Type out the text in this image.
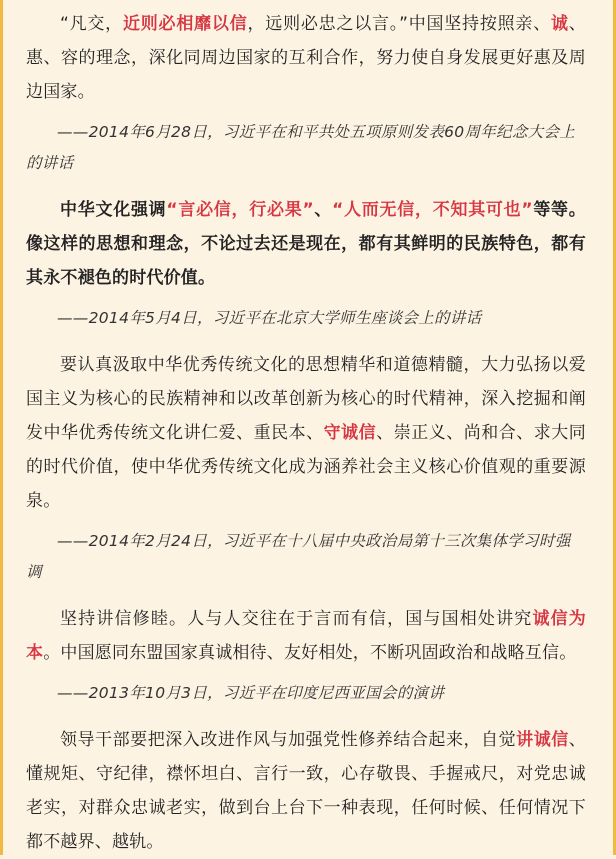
“凡交，近则必相靡以信，远则必忠之以言。”中国坚持按照亲、诚、惠、容的理念，深化同周边国家的互利合作，努力使自身发展更好惠及周边国家。

——2014年6月28日，习近平在和平共处五项原则发表60周年纪念大会上的讲话

中华文化强调“言必信，行必果”、“人而无信，不知其可也”等等。像这样的思想和理念，不论过去还是现在，都有其鲜明的民族特色，都有其永不褪色的时代价值。

——2014年5月4日，习近平在北京大学师生座谈会上的讲话

要认真汲取中华优秀传统文化的思想精华和道德精髓，大力弘扬以爱国主义为核心的民族精神和以改革创新为核心的时代精神，深入挖掘和阐发中华优秀传统文化讲仁爱、重民本、守诚信、崇正义、尚和合、求大同的时代价值，使中华优秀传统文化成为涵养社会主义核心价值观的重要源泉。

——2014年2月24日，习近平在十八届中央政治局第十三次集体学习时强调

坚持讲信修睦。人与人交往在于言而有信，国与国相处讲究诚信为本。中国愿同东盟国家真诚相待、友好相处，不断巩固政治和战略互信。

——2013年10月3日，习近平在印度尼西亚国会的演讲

领导干部要把深入改进作风与加强党性修养结合起来，自觉讲诚信、懂规矩、守纪律，襟怀坦白、言行一致，心存敬畏、手握戒尺，对党忠诚老实，对群众忠诚老实，做到台上台下一种表现，任何时候、任何情况下都不越界、越轨。
